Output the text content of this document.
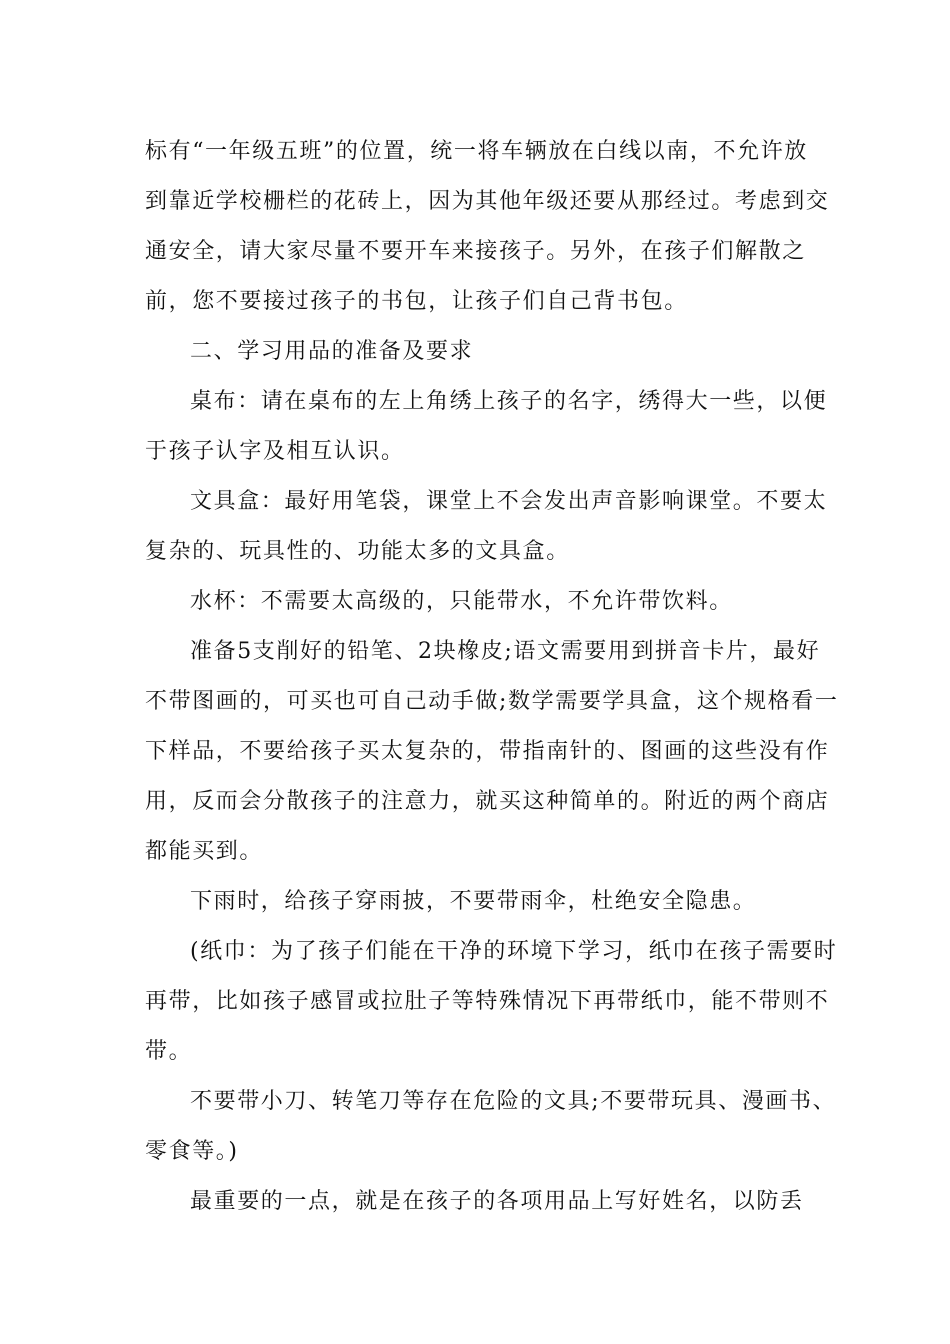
标有“一年级五班”的位置，统一将车辆放在白线以南，不允许放
到靠近学校栅栏的花砖上，因为其他年级还要从那经过。考虑到交
通安全，请大家尽量不要开车来接孩子。另外，在孩子们解散之
前，您不要接过孩子的书包，让孩子们自己背书包。
二、学习用品的准备及要求
桌布：请在桌布的左上角绣上孩子的名字，绣得大一些，以便
于孩子认字及相互认识。
文具盒：最好用笔袋，课堂上不会发出声音影响课堂。不要太
复杂的、玩具性的、功能太多的文具盒。
水杯：不需要太高级的，只能带水，不允许带饮料。
准备5支削好的铅笔、2块橡皮;语文需要用到拼音卡片，最好
不带图画的，可买也可自己动手做;数学需要学具盒，这个规格看一
下样品，不要给孩子买太复杂的，带指南针的、图画的这些没有作
用，反而会分散孩子的注意力，就买这种简单的。附近的两个商店
都能买到。
下雨时，给孩子穿雨披，不要带雨伞，杜绝安全隐患。
(纸巾：为了孩子们能在干净的环境下学习，纸巾在孩子需要时
再带，比如孩子感冒或拉肚子等特殊情况下再带纸巾，能不带则不
带。
不要带小刀、转笔刀等存在危险的文具;不要带玩具、漫画书、
零食等。)
最重要的一点，就是在孩子的各项用品上写好姓名，以防丢
